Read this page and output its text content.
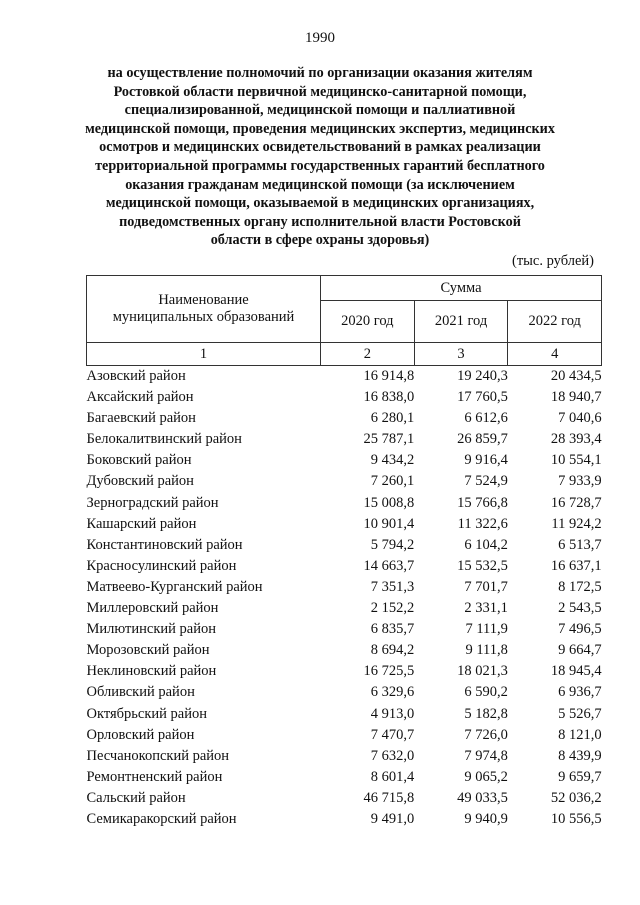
1990
на осуществление полномочий по организации оказания жителям
Ростовкой области первичной медицинско-санитарной помощи,
специализированной, медицинской помощи и паллиативной
медицинской помощи, проведения медицинских экспертиз, медицинских
осмотров и медицинских освидетельствований в рамках реализации
территориальной программы государственных гарантий бесплатного
оказания гражданам медицинской помощи (за исключением
медицинской помощи, оказываемой в медицинских организациях,
подведомственных органу исполнительной власти Ростовской
области в сфере охраны здоровья)
(тыс. рублей)
Наименование
муниципальных образований	Сумма		
	2020 год	2021 год	2022 год
1	2	3	4
Азовский район	16 914,8	19 240,3	20 434,5
Аксайский район	16 838,0	17 760,5	18 940,7
Багаевский район	6 280,1	6 612,6	7 040,6
Белокалитвинский район	25 787,1	26 859,7	28 393,4
Боковский район	9 434,2	9 916,4	10 554,1
Дубовский район	7 260,1	7 524,9	7 933,9
Зерноградский район	15 008,8	15 766,8	16 728,7
Кашарский район	10 901,4	11 322,6	11 924,2
Константиновский район	5 794,2	6 104,2	6 513,7
Красносулинский район	14 663,7	15 532,5	16 637,1
Матвеево-Курганский район	7 351,3	7 701,7	8 172,5
Миллеровский район	2 152,2	2 331,1	2 543,5
Милютинский район	6 835,7	7 111,9	7 496,5
Морозовский район	8 694,2	9 111,8	9 664,7
Неклиновский район	16 725,5	18 021,3	18 945,4
Обливский район	6 329,6	6 590,2	6 936,7
Октябрьский район	4 913,0	5 182,8	5 526,7
Орловский район	7 470,7	7 726,0	8 121,0
Песчанокопский район	7 632,0	7 974,8	8 439,9
Ремонтненский район	8 601,4	9 065,2	9 659,7
Сальский район	46 715,8	49 033,5	52 036,2
Семикаракорский район	9 491,0	9 940,9	10 556,5
